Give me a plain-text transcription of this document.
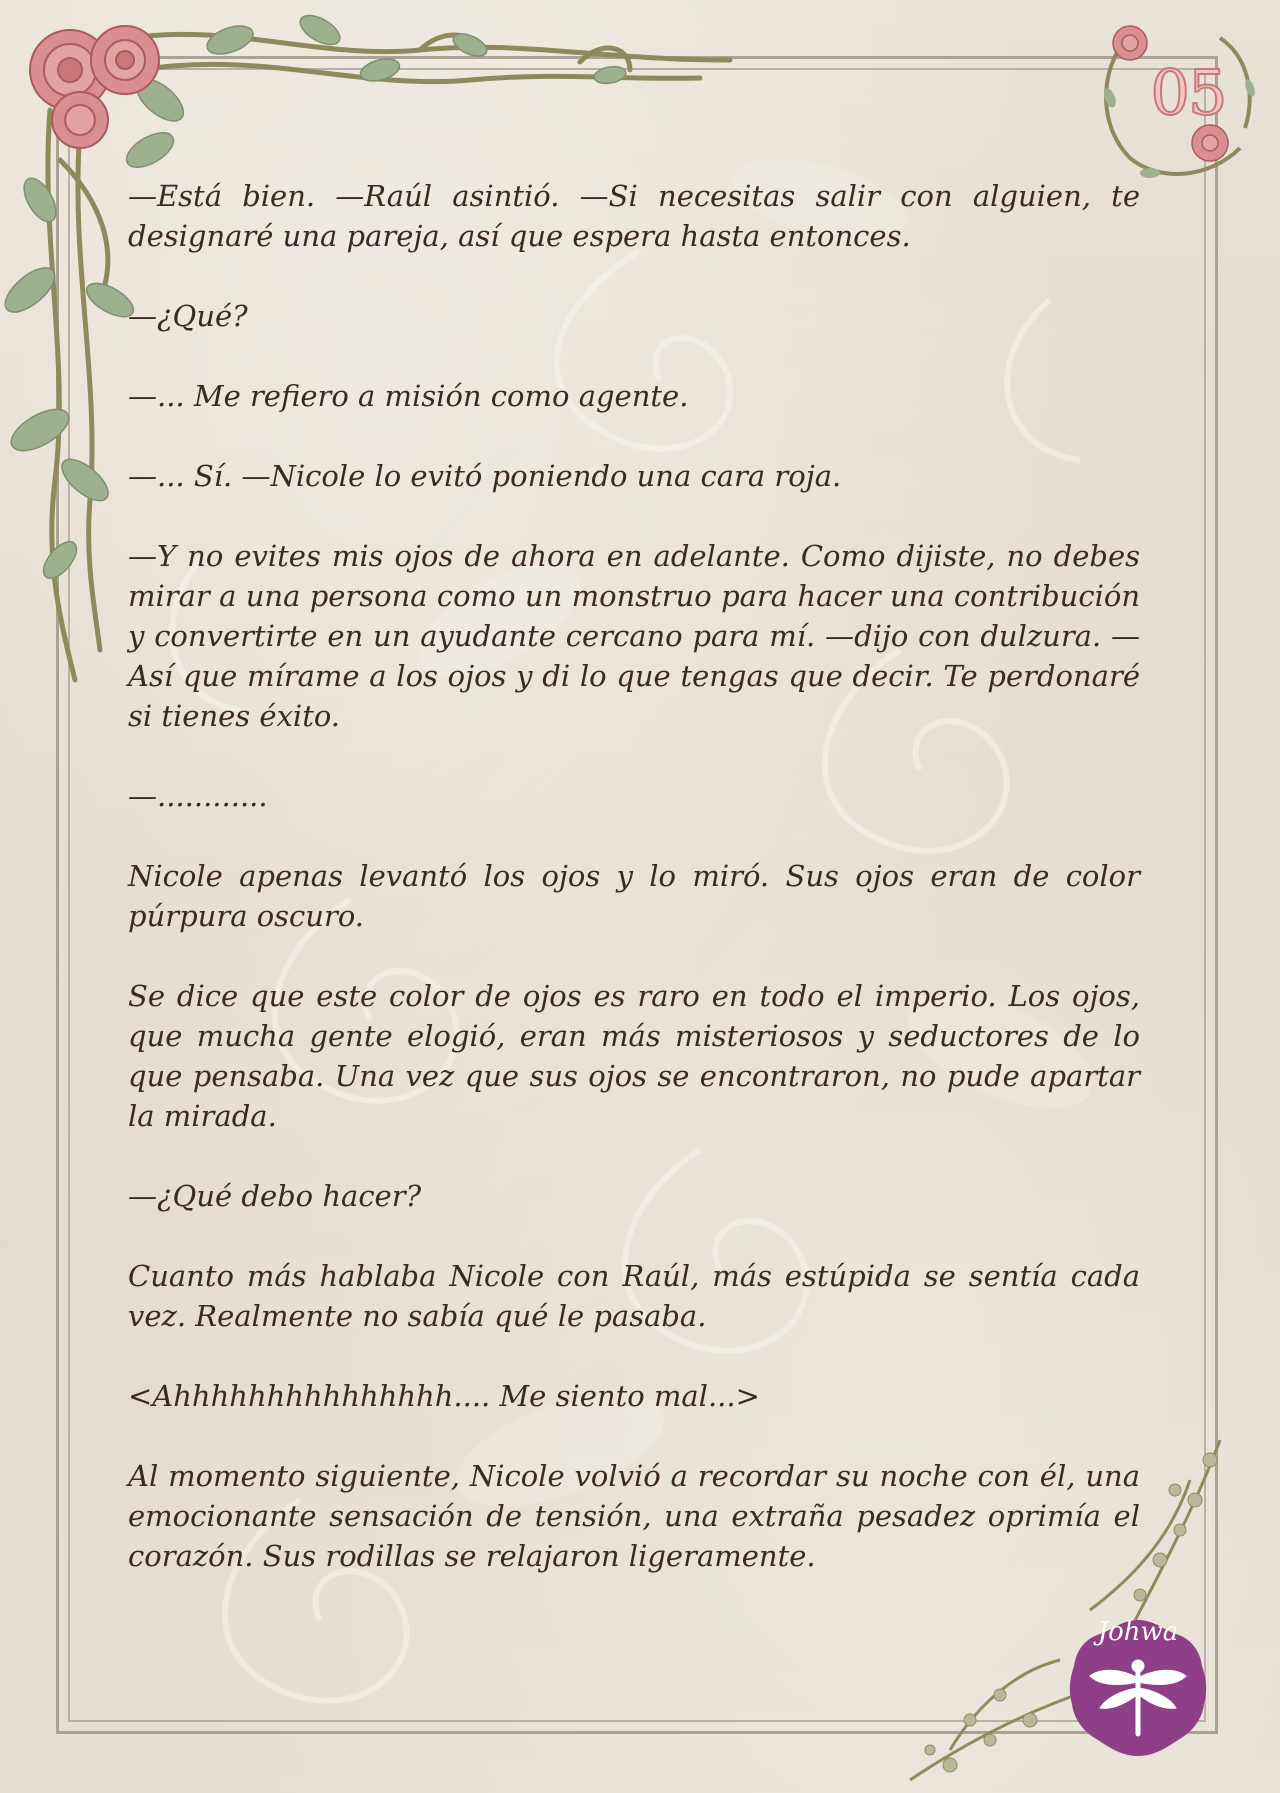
05
Johwa

—Está bien. —Raúl asintió. —Si necesitas salir con alguien, te designaré una pareja, así que espera hasta entonces.

—¿Qué?

—... Me refiero a misión como agente.

—... Sí. —Nicole lo evitó poniendo una cara roja.

—Y no evites mis ojos de ahora en adelante. Como dijiste, no debes mirar a una persona como un monstruo para hacer una contribución y convertirte en un ayudante cercano para mí. —dijo con dulzura. —Así que mírame a los ojos y di lo que tengas que decir. Te perdonaré si tienes éxito.

—............

Nicole apenas levantó los ojos y lo miró. Sus ojos eran de color púrpura oscuro.

Se dice que este color de ojos es raro en todo el imperio. Los ojos, que mucha gente elogió, eran más misteriosos y seductores de lo que pensaba. Una vez que sus ojos se encontraron, no pude apartar la mirada.

—¿Qué debo hacer?

Cuanto más hablaba Nicole con Raúl, más estúpida se sentía cada vez. Realmente no sabía qué le pasaba.

<Ahhhhhhhhhhhhhhh.... Me siento mal...>

Al momento siguiente, Nicole volvió a recordar su noche con él, una emocionante sensación de tensión, una extraña pesadez oprimía el corazón. Sus rodillas se relajaron ligeramente.
